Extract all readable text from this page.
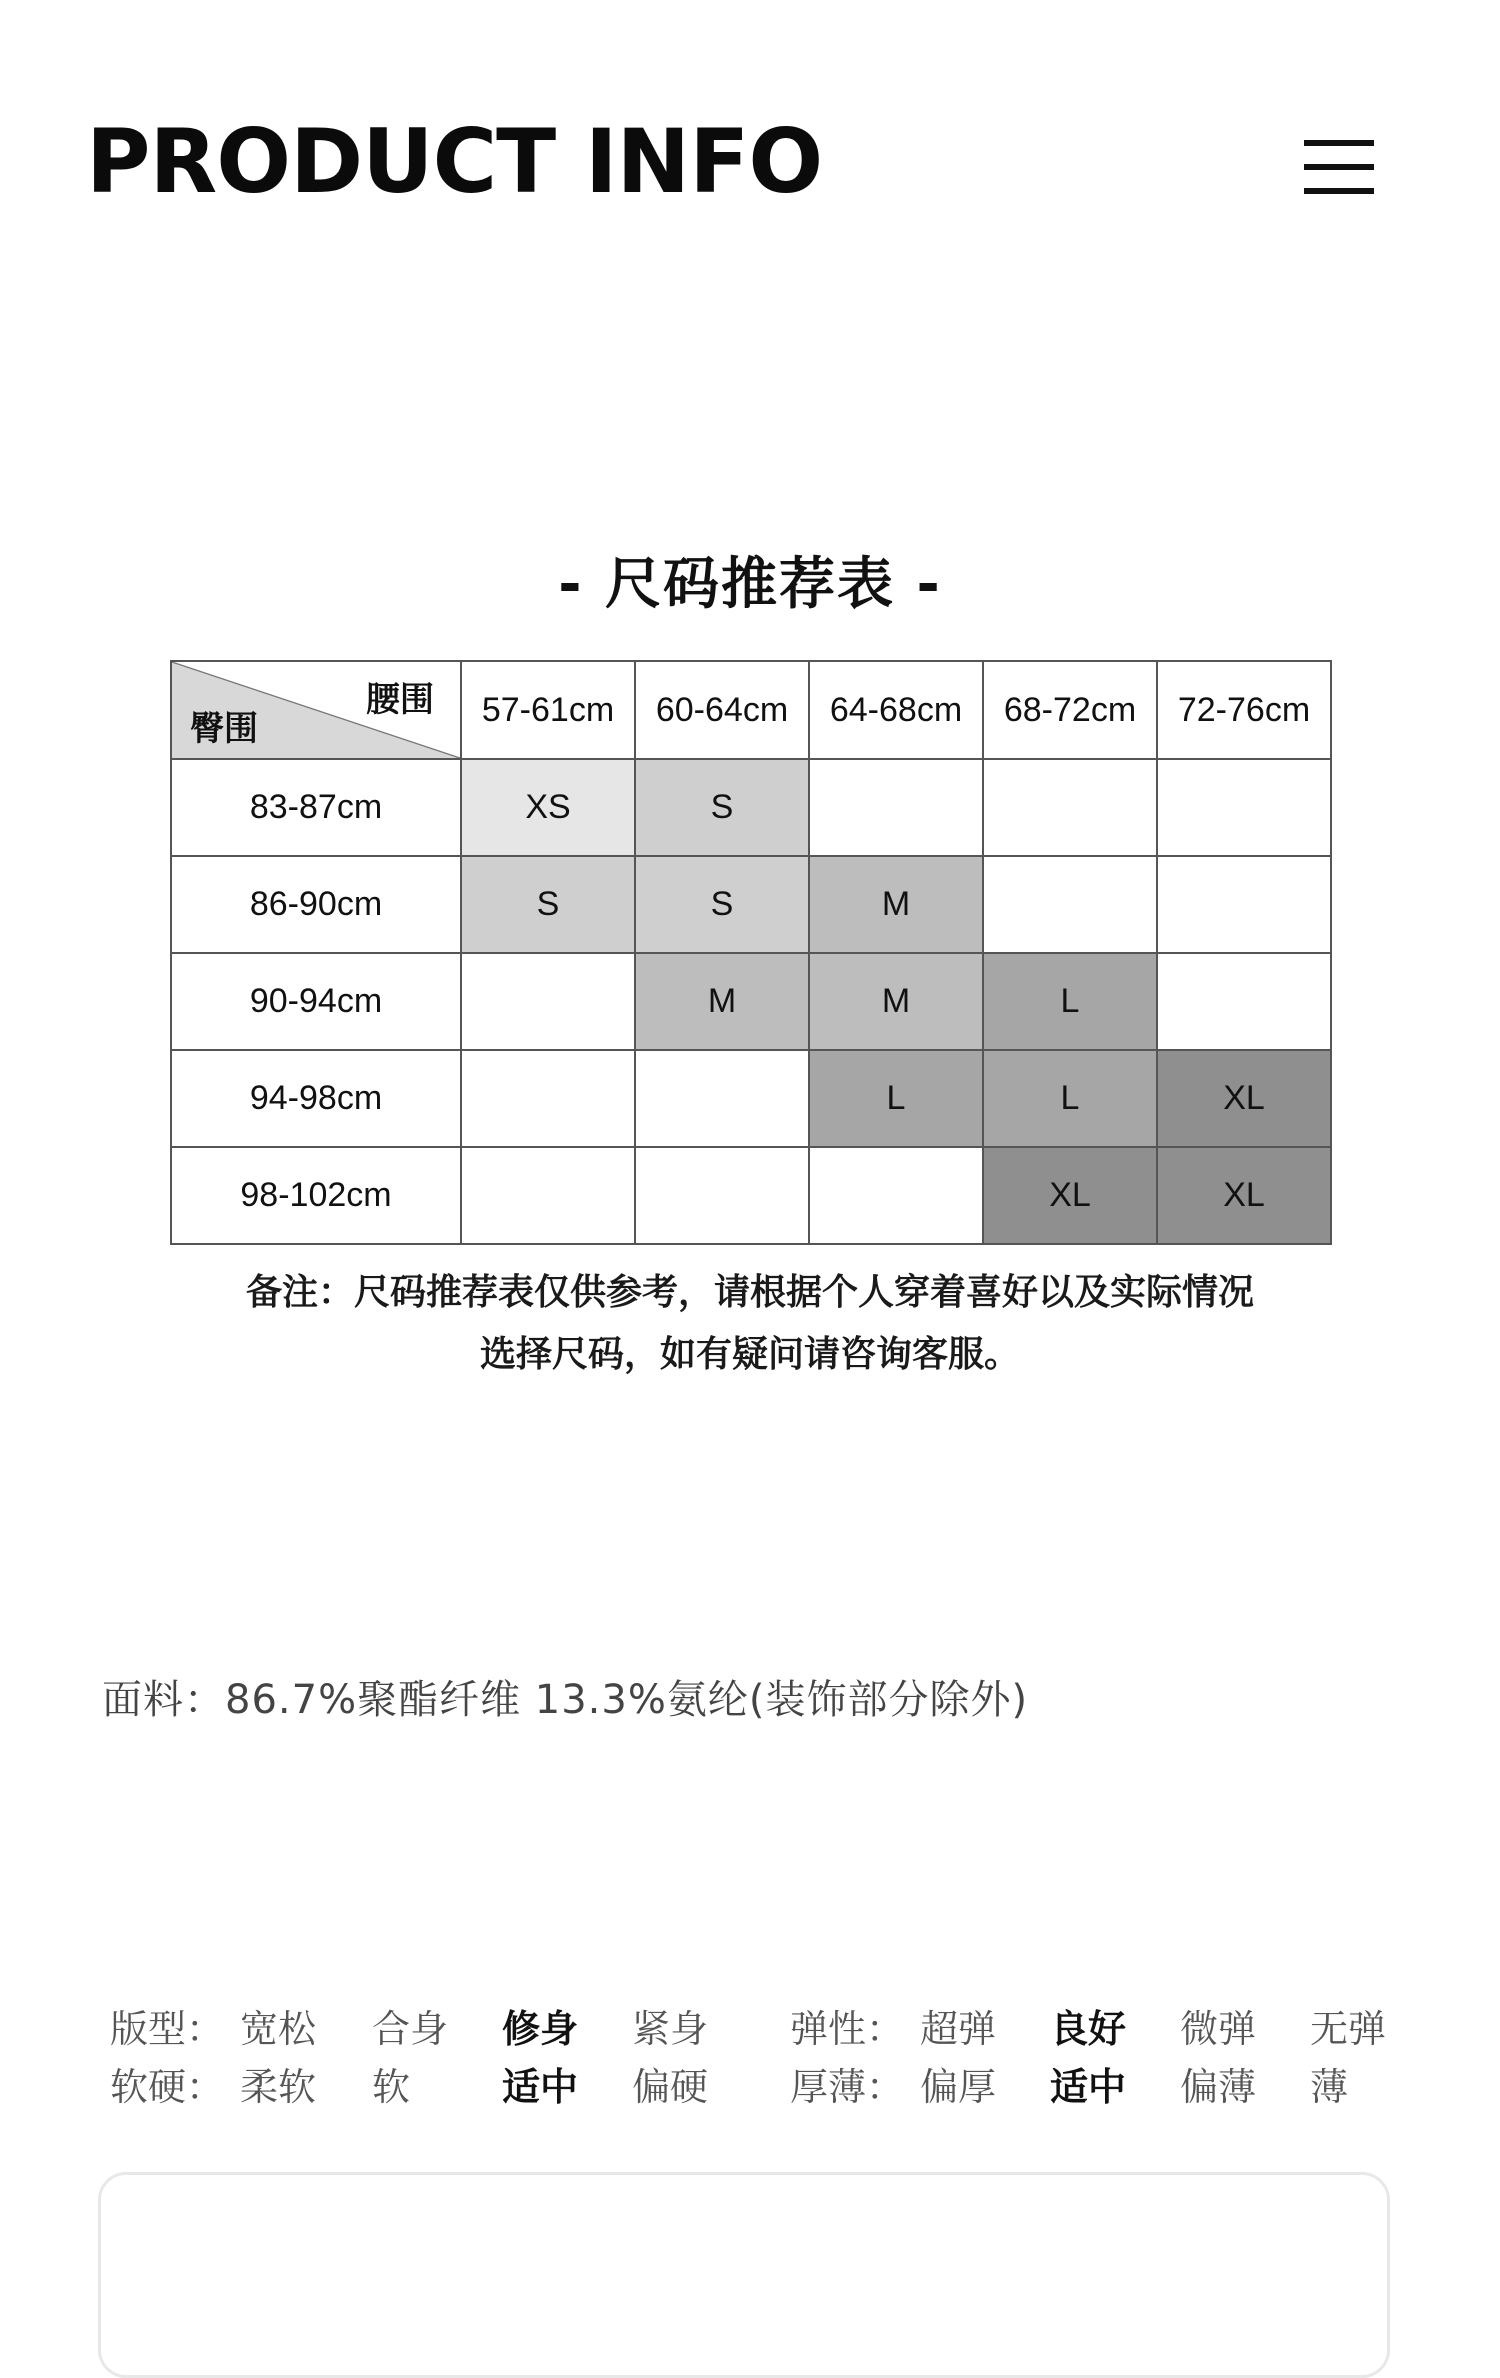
PRODUCT INFO
- 尺码推荐表 -
腰围
臀围	57-61cm	60-64cm	64-68cm	68-72cm	72-76cm
83-87cm	XS	S			
86-90cm	S	S	M		
90-94cm		M	M	L	
94-98cm			L	L	XL
98-102cm				XL	XL
备注：尺码推荐表仅供参考，请根据个人穿着喜好以及实际情况
选择尺码，如有疑问请咨询客服。
面料：86.7%聚酯纤维 13.3%氨纶(装饰部分除外)
版型： 宽松 合身 修身 紧身 弹性： 超弹 良好 微弹 无弹
软硬： 柔软 软 适中 偏硬 厚薄： 偏厚 适中 偏薄 薄
